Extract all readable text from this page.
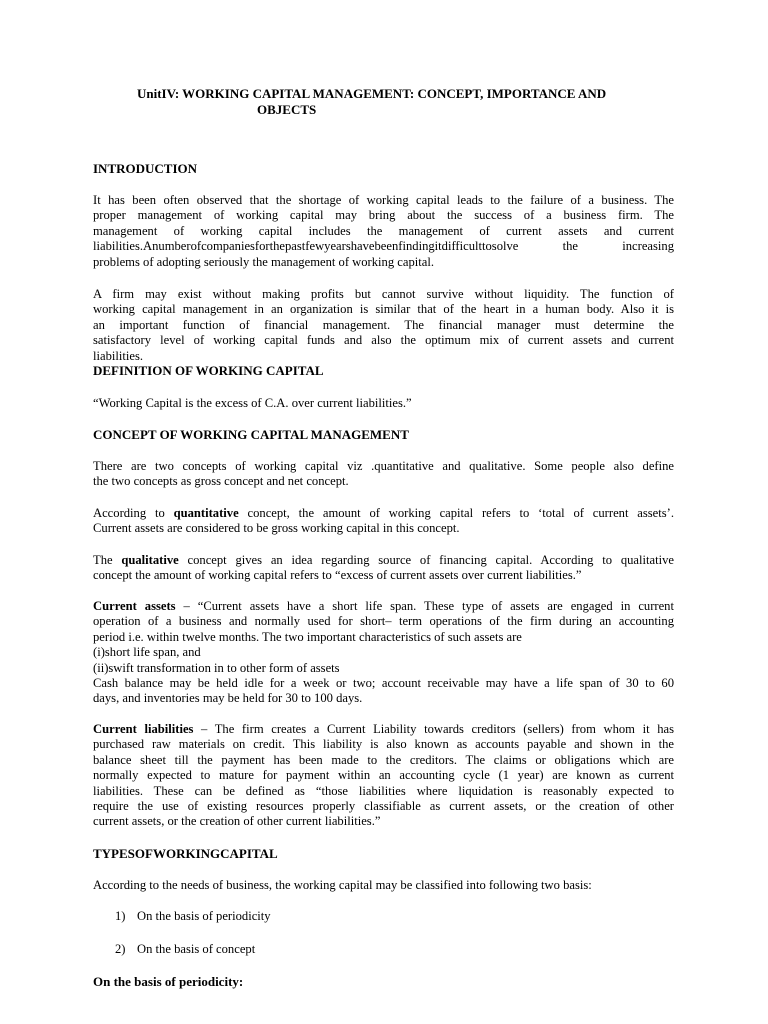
UnitIV: WORKING CAPITAL MANAGEMENT: CONCEPT, IMPORTANCE AND
OBJECTS
INTRODUCTION
It has been often observed that the shortage of working capital leads to the failure of a business. The
proper management of working capital may bring about the success of a business firm. The
management of working capital includes the management of current assets and current
liabilities.Anumberofcompaniesforthepastfewyearshavebeenfindingitdifficulttosolve the increasing
problems of adopting seriously the management of working capital.
A firm may exist without making profits but cannot survive without liquidity. The function of
working capital management in an organization is similar that of the heart in a human body. Also it is
an important function of financial management. The financial manager must determine the
satisfactory level of working capital funds and also the optimum mix of current assets and current
liabilities.
DEFINITION OF WORKING CAPITAL
“Working Capital is the excess of C.A. over current liabilities.”
CONCEPT OF WORKING CAPITAL MANAGEMENT
There are two concepts of working capital viz .quantitative and qualitative. Some people also define
the two concepts as gross concept and net concept.
According to quantitative concept, the amount of working capital refers to ‘total of current assets’.
Current assets are considered to be gross working capital in this concept.
The qualitative concept gives an idea regarding source of financing capital. According to qualitative
concept the amount of working capital refers to “excess of current assets over current liabilities.”
Current assets – “Current assets have a short life span. These type of assets are engaged in current
operation of a business and normally used for short– term operations of the firm during an accounting
period i.e. within twelve months. The two important characteristics of such assets are
(i)short life span, and
(ii)swift transformation in to other form of assets
Cash balance may be held idle for a week or two; account receivable may have a life span of 30 to 60
days, and inventories may be held for 30 to 100 days.
Current liabilities – The firm creates a Current Liability towards creditors (sellers) from whom it has
purchased raw materials on credit. This liability is also known as accounts payable and shown in the
balance sheet till the payment has been made to the creditors. The claims or obligations which are
normally expected to mature for payment within an accounting cycle (1 year) are known as current
liabilities. These can be defined as “those liabilities where liquidation is reasonably expected to
require the use of existing resources properly classifiable as current assets, or the creation of other
current assets, or the creation of other current liabilities.”
TYPESOFWORKINGCAPITAL
According to the needs of business, the working capital may be classified into following two basis:
1) On the basis of periodicity
2) On the basis of concept
On the basis of periodicity:
